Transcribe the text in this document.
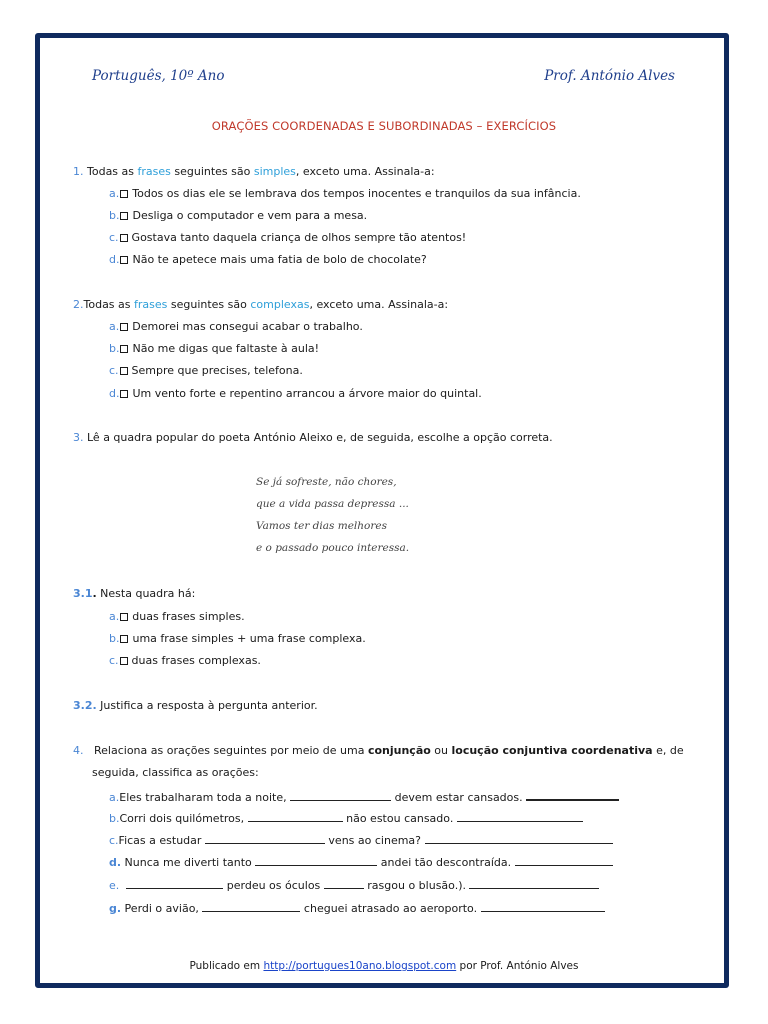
Português, 10º Ano	Prof. António Alves
ORAÇÕES COORDENADAS E SUBORDINADAS – EXERCÍCIOS
1. Todas as frases seguintes são simples, exceto uma. Assinala-a:
a. Todos os dias ele se lembrava dos tempos inocentes e tranquilos da sua infância.
b. Desliga o computador e vem para a mesa.
c. Gostava tanto daquela criança de olhos sempre tão atentos!
d. Não te apetece mais uma fatia de bolo de chocolate?
2.Todas as frases seguintes são complexas, exceto uma. Assinala-a:
a. Demorei mas consegui acabar o trabalho.
b. Não me digas que faltaste à aula!
c. Sempre que precises, telefona.
d. Um vento forte e repentino arrancou a árvore maior do quintal.
3. Lê a quadra popular do poeta António Aleixo e, de seguida, escolhe a opção correta.
Se já sofreste, não chores,
que a vida passa depressa ...
Vamos ter dias melhores
e o passado pouco interessa.
3.1. Nesta quadra há:
a. duas frases simples.
b. uma frase simples + uma frase complexa.
c. duas frases complexas.
3.2. Justifica a resposta à pergunta anterior.
4. Relaciona as orações seguintes por meio de uma conjunção ou locução conjuntiva coordenativa e, de
seguida, classifica as orações:
a.Eles trabalharam toda a noite,	devem estar cansados.
b.Corri dois quilómetros,	não estou cansado.
c.Ficas a estudar	vens ao cinema?
d. Nunca me diverti tanto	andei tão descontraída.
e.	perdeu os óculos	rasgou o blusão.).
g. Perdi o avião,	cheguei atrasado ao aeroporto.
Publicado em http://portugues10ano.blogspot.com por Prof. António Alves
